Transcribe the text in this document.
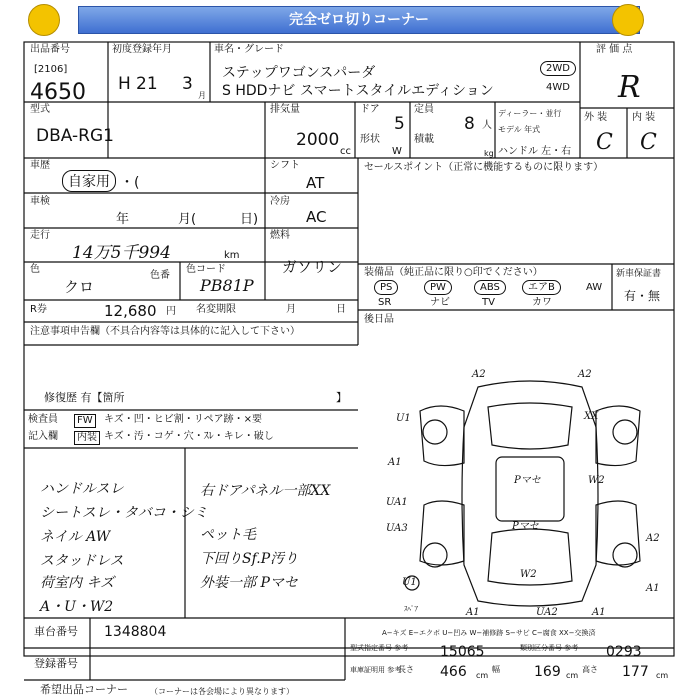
完全ゼロ切りコーナー
出品番号
[2106]
4650
初度登録年月
H 21 3
月
車名・グレード
ステップワゴンスパーダ
S HDDナビ スマートスタイルエディション
2WD
4WD
評 価 点
R
型式
DBA-RG1
排気量
2000
cc
ドア
5
定員
8 人
ディーラー・並行
モデル 年式
形状
W
積載
kg ハンドル 左・右
外 装 内 装
C C
車歴
自家用 ・(
シフト
AT
車検
年	月(	日)
冷房
AC
走行
14万5千994	km
燃料
ガソリン
色
クロ
色番
色コード
PB81P
R券	12,680 円 名変期限	月	日
注意事項申告欄（不具合内容等は具体的に記入して下さい）
修復歴 有【箇所	】
セールスポイント（正常に機能するものに限ります）
装備品（純正品に限り○印でください）
PS	PW	ABS	エアB	AW
SR	ナビ	TV	カワ
新車保証書
有・無
後日品
検査員
記入欄
FW	キズ・凹・ヒビ割・リペア跡・×要
内装 キズ・汚・コゲ・穴・ｽﾚ・キレ・破し
ハンドルスレ
シートスレ・タバコ・シミ
ネイル AW
スタッドレス
荷室内 キズ
A・U・W2
右ドアパネル一部XX
ペット毛
下回りSf.P汚り
外装一部 Pマセ
A2	A2
U1	XX
A1
UA1
UA3
Pマセ	W2
Pマセ
W2
A2
A1
A1	UA2
U1
A1
ｽﾍﾟｱ
A−キズ E−エクボ U−凹み W−補修跡 S−サビ C−腐食 XX−交換済
車台番号 1348804
登録番号
型式指定番号 参考 15065	類別区分番号 参考 0293
車庫証明用 参考
長さ 466 cm
幅 169 cm
高さ 177 cm
希望出品コーナー	（コーナーは各会場により異なります）
